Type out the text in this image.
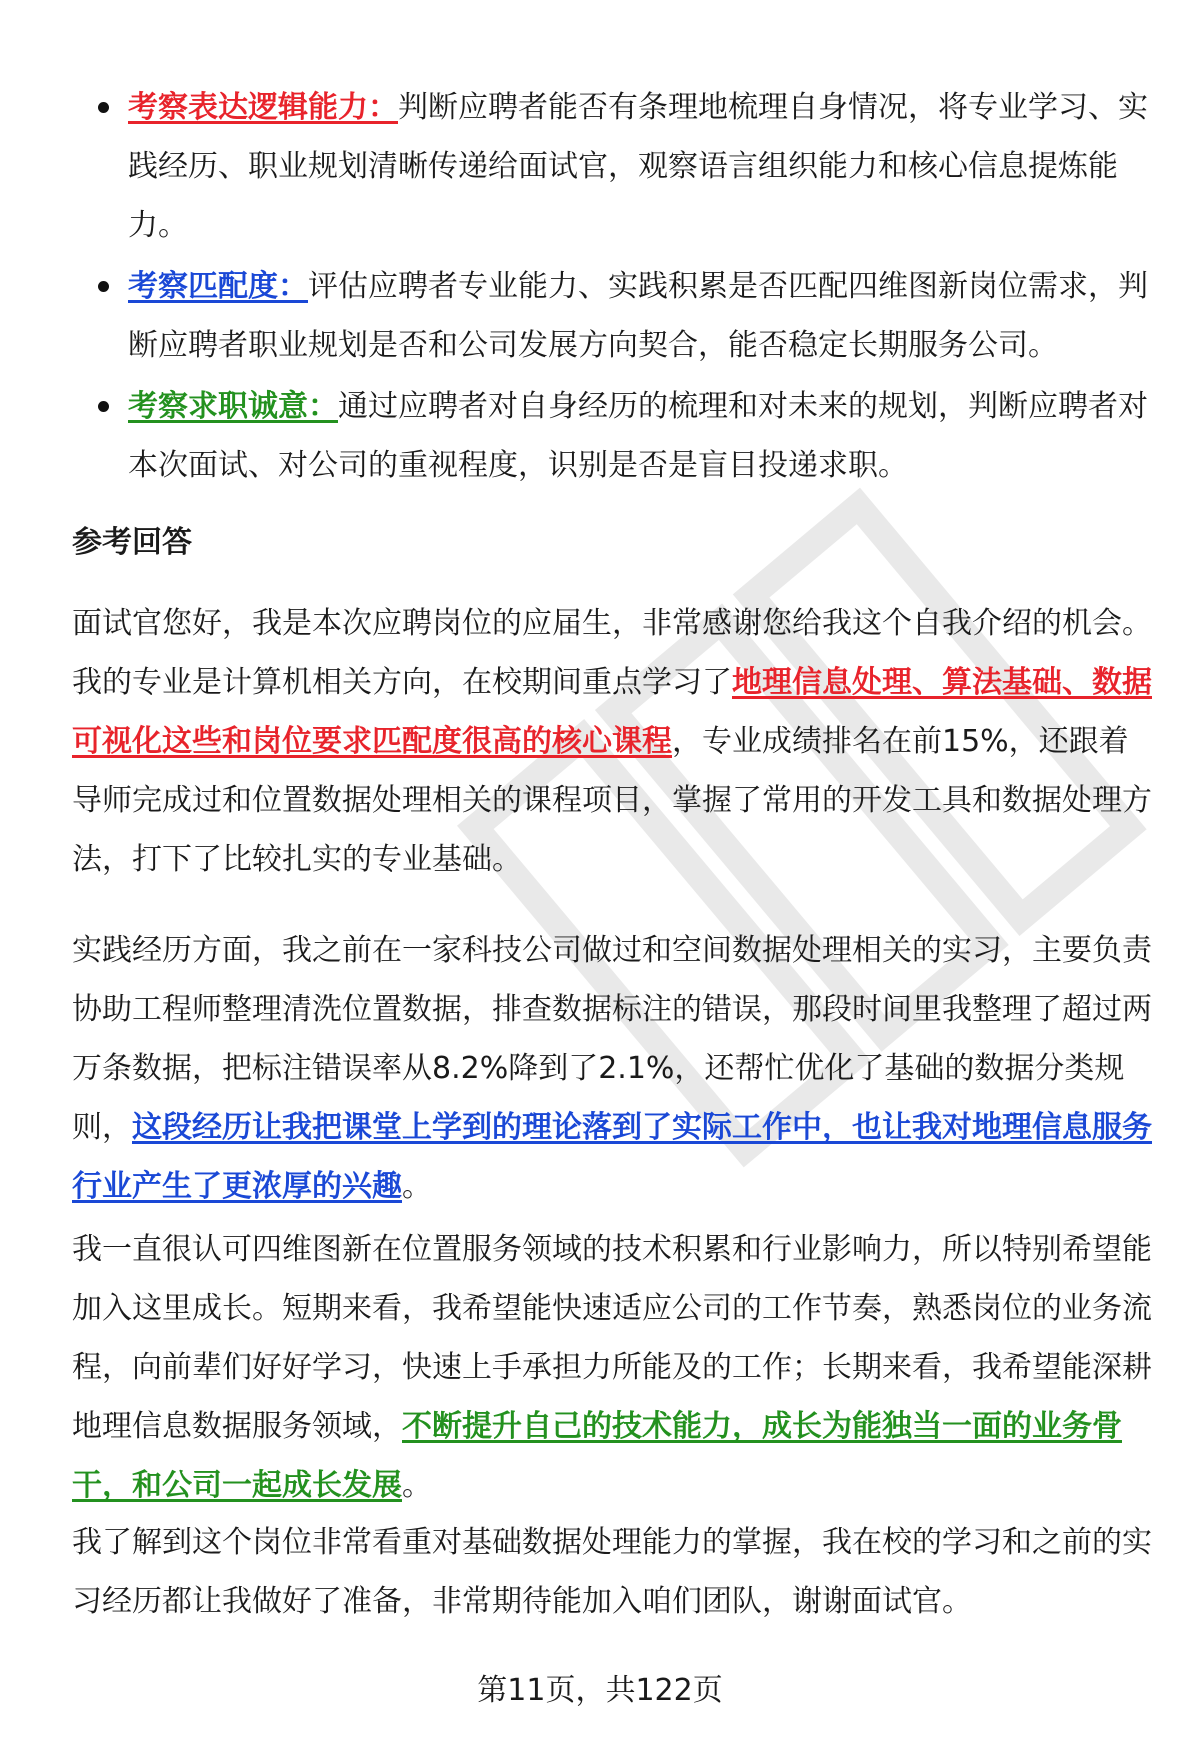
考察表达逻辑能力：判断应聘者能否有条理地梳理自身情况，将专业学习、实践经历、职业规划清晰传递给面试官，观察语言组织能力和核心信息提炼能力。
考察匹配度：评估应聘者专业能力、实践积累是否匹配四维图新岗位需求，判断应聘者职业规划是否和公司发展方向契合，能否稳定长期服务公司。
考察求职诚意：通过应聘者对自身经历的梳理和对未来的规划，判断应聘者对本次面试、对公司的重视程度，识别是否是盲目投递求职。
参考回答

面试官您好，我是本次应聘岗位的应届生，非常感谢您给我这个自我介绍的机会。我的专业是计算机相关方向，在校期间重点学习了地理信息处理、算法基础、数据可视化这些和岗位要求匹配度很高的核心课程，专业成绩排名在前15%，还跟着导师完成过和位置数据处理相关的课程项目，掌握了常用的开发工具和数据处理方法，打下了比较扎实的专业基础。

实践经历方面，我之前在一家科技公司做过和空间数据处理相关的实习，主要负责协助工程师整理清洗位置数据，排查数据标注的错误，那段时间里我整理了超过两万条数据，把标注错误率从8.2%降到了2.1%，还帮忙优化了基础的数据分类规则，这段经历让我把课堂上学到的理论落到了实际工作中，也让我对地理信息服务行业产生了更浓厚的兴趣。

我一直很认可四维图新在位置服务领域的技术积累和行业影响力，所以特别希望能加入这里成长。短期来看，我希望能快速适应公司的工作节奏，熟悉岗位的业务流程，向前辈们好好学习，快速上手承担力所能及的工作；长期来看，我希望能深耕地理信息数据服务领域，不断提升自己的技术能力，成长为能独当一面的业务骨干，和公司一起成长发展。

我了解到这个岗位非常看重对基础数据处理能力的掌握，我在校的学习和之前的实习经历都让我做好了准备，非常期待能加入咱们团队，谢谢面试官。

第11页，共122页
